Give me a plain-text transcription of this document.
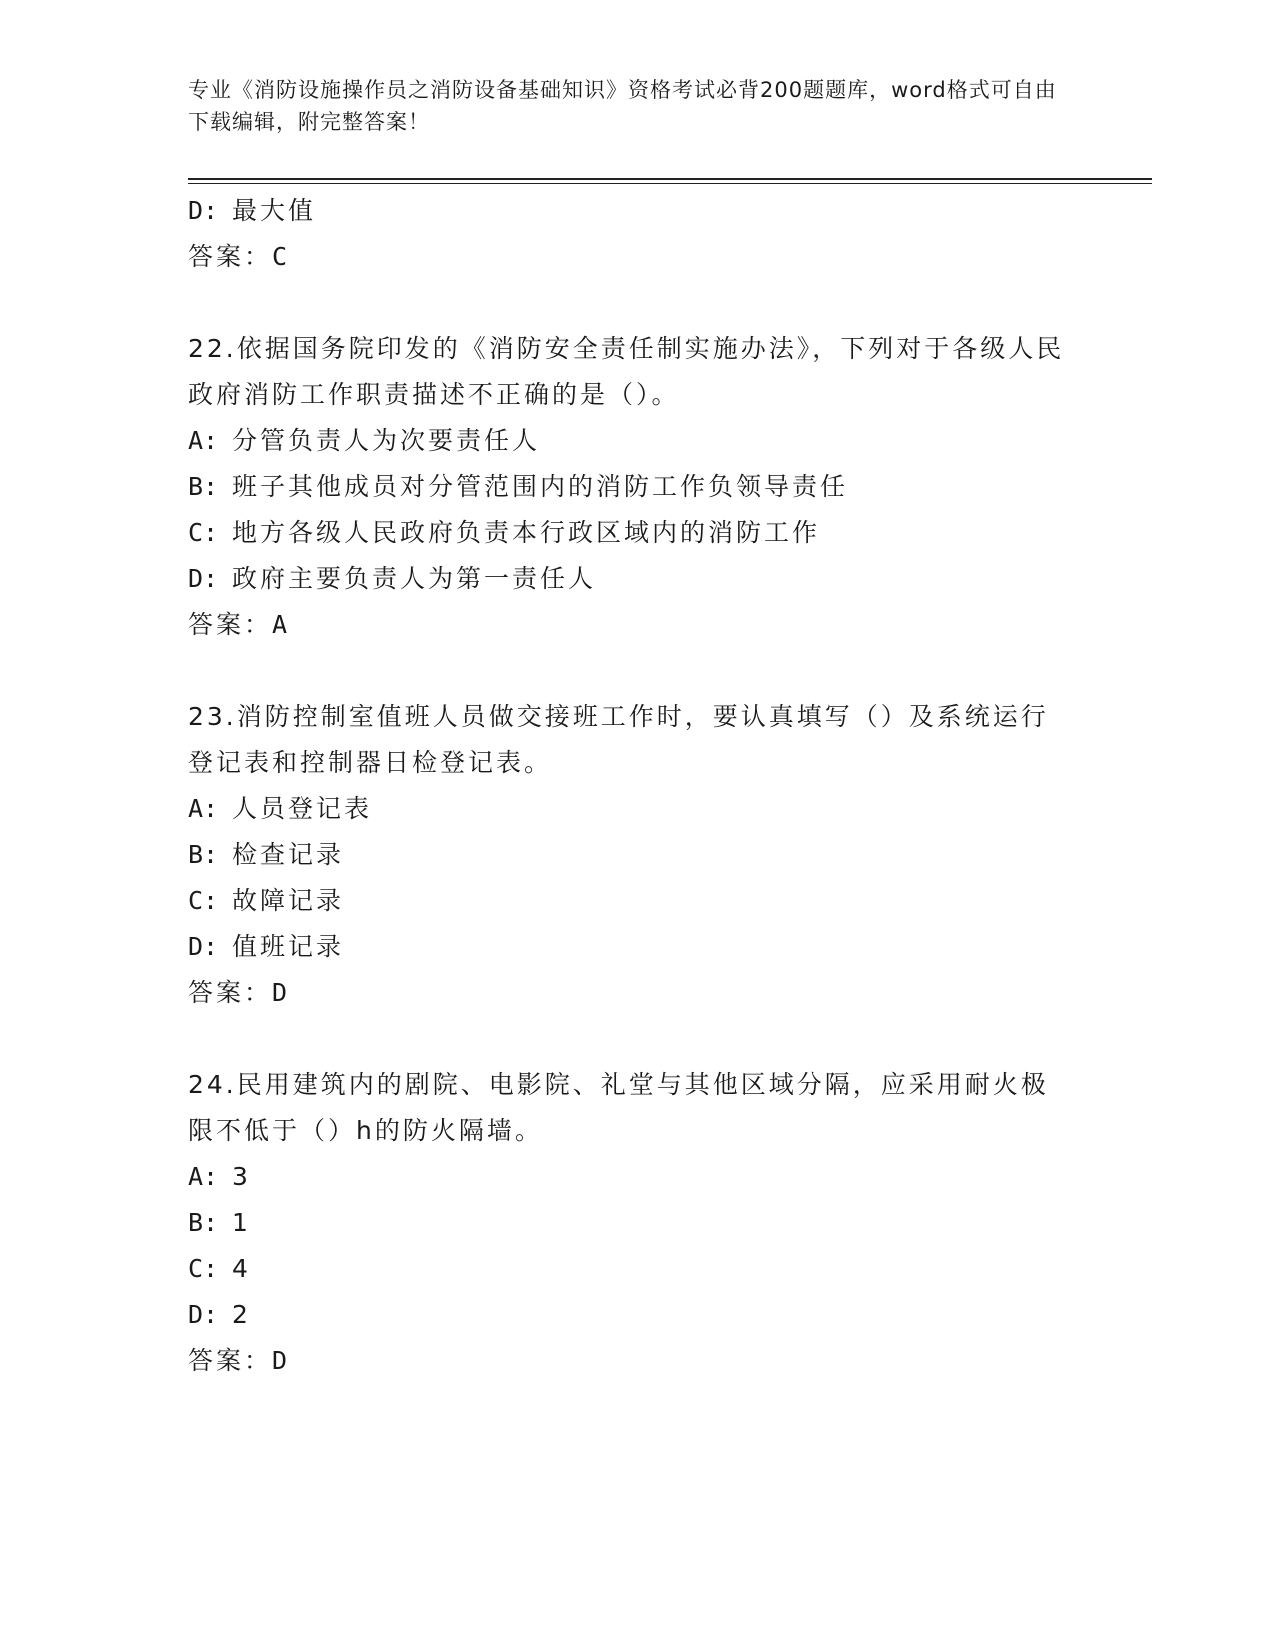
专业《消防设施操作员之消防设备基础知识》资格考试必背200题题库，word格式可自由下载编辑，附完整答案！
D: 最大值
答案：C
22.依据国务院印发的《消防安全责任制实施办法》，下列对于各级人民政府消防工作职责描述不正确的是（）。
A: 分管负责人为次要责任人
B: 班子其他成员对分管范围内的消防工作负领导责任
C: 地方各级人民政府负责本行政区域内的消防工作
D: 政府主要负责人为第一责任人
答案：A
23.消防控制室值班人员做交接班工作时，要认真填写（）及系统运行登记表和控制器日检登记表。
A: 人员登记表
B: 检查记录
C: 故障记录
D: 值班记录
答案：D
24.民用建筑内的剧院、电影院、礼堂与其他区域分隔，应采用耐火极限不低于（）h的防火隔墙。
A: 3
B: 1
C: 4
D: 2
答案：D
